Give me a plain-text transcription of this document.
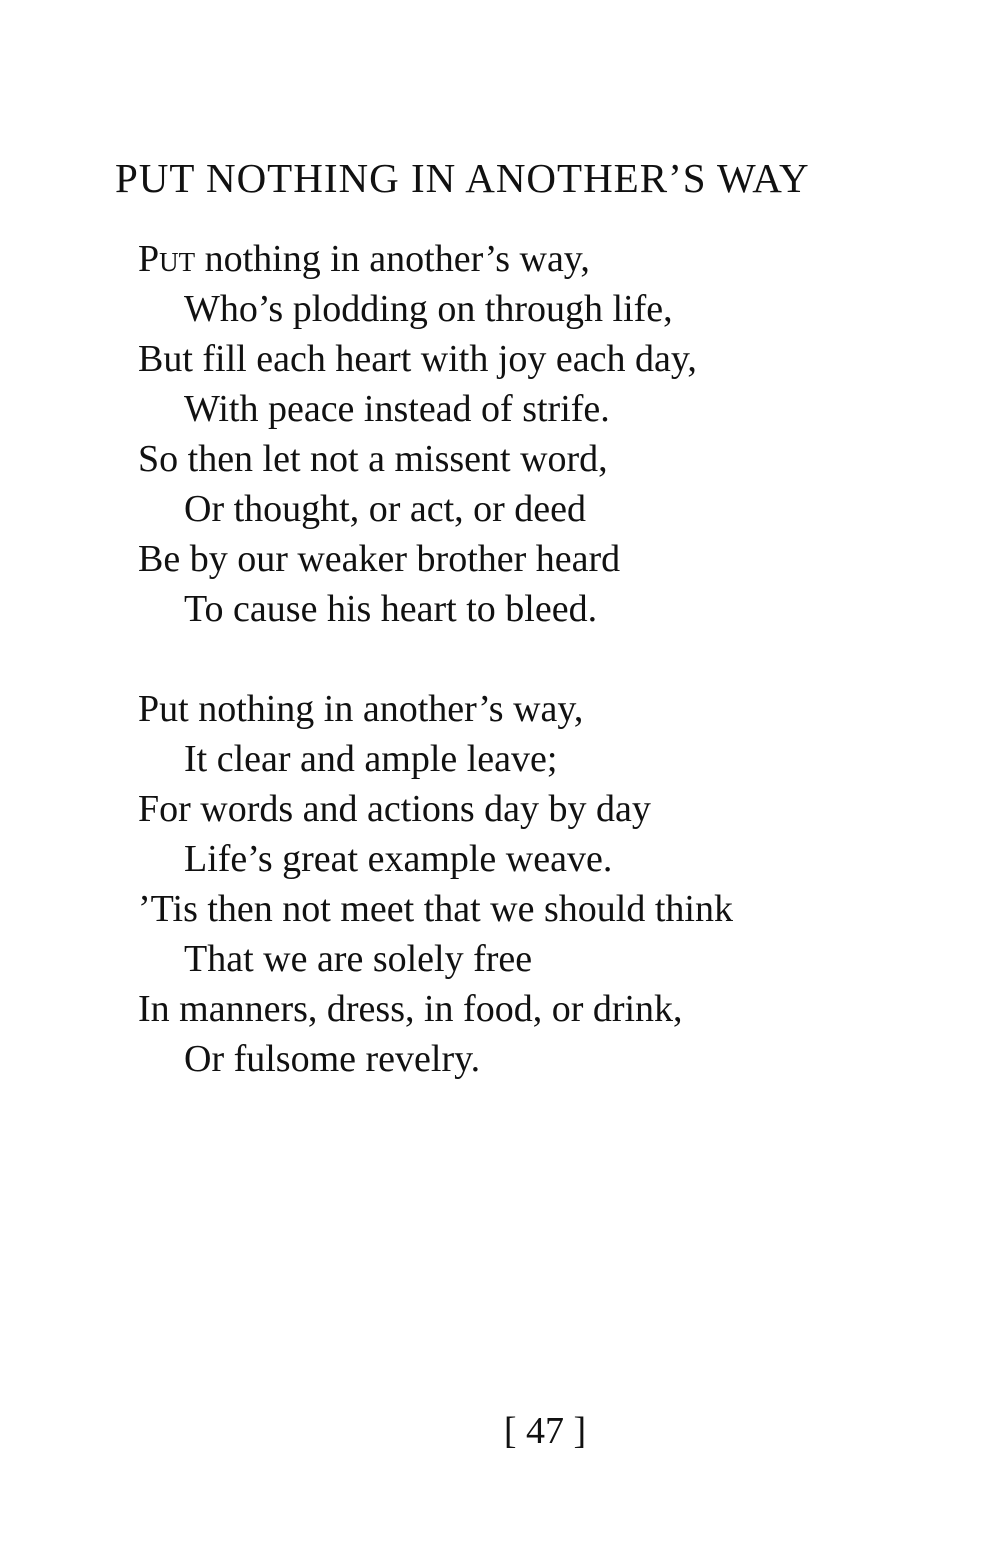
PUT NOTHING IN ANOTHER’S WAY
Put nothing in another’s way,
Who’s plodding on through life,
But fill each heart with joy each day,
With peace instead of strife.
So then let not a missent word,
Or thought, or act, or deed
Be by our weaker brother heard
To cause his heart to bleed.
Put nothing in another’s way,
It clear and ample leave;
For words and actions day by day
Life’s great example weave.
’Tis then not meet that we should think
That we are solely free
In manners, dress, in food, or drink,
Or fulsome revelry.
[ 47 ]
